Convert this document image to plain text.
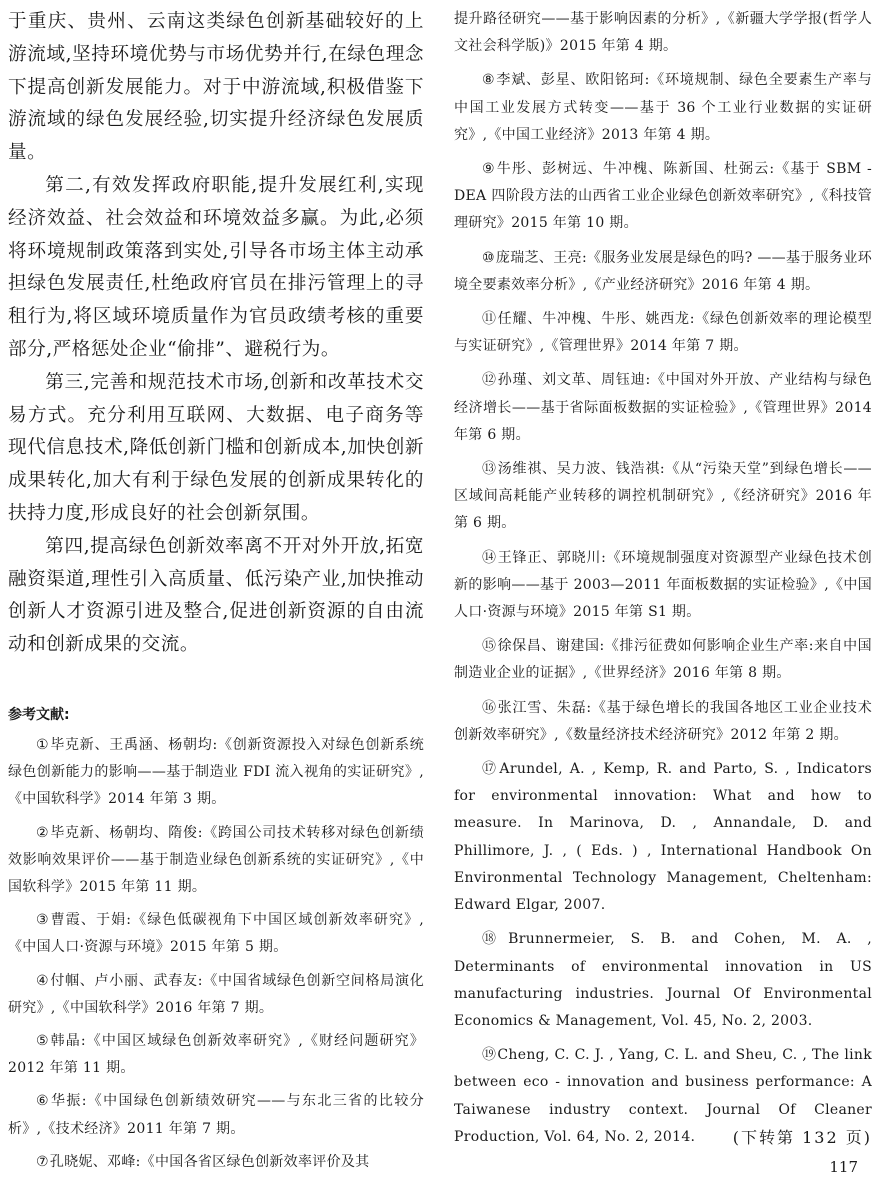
于重庆、贵州、云南这类绿色创新基础较好的上游流域,坚持环境优势与市场优势并行,在绿色理念下提高创新发展能力。对于中游流域,积极借鉴下游流域的绿色发展经验,切实提升经济绿色发展质量。

第二,有效发挥政府职能,提升发展红利,实现经济效益、社会效益和环境效益多赢。为此,必须将环境规制政策落到实处,引导各市场主体主动承担绿色发展责任,杜绝政府官员在排污管理上的寻租行为,将区域环境质量作为官员政绩考核的重要部分,严格惩处企业“偷排”、避税行为。

第三,完善和规范技术市场,创新和改革技术交易方式。充分利用互联网、大数据、电子商务等现代信息技术,降低创新门槛和创新成本,加快创新成果转化,加大有利于绿色发展的创新成果转化的扶持力度,形成良好的社会创新氛围。

第四,提高绿色创新效率离不开对外开放,拓宽融资渠道,理性引入高质量、低污染产业,加快推动创新人才资源引进及整合,促进创新资源的自由流动和创新成果的交流。

参考文献:

①毕克新、王禹涵、杨朝均:《创新资源投入对绿色创新系统绿色创新能力的影响——基于制造业 FDI 流入视角的实证研究》,《中国软科学》2014 年第 3 期。

②毕克新、杨朝均、隋俊:《跨国公司技术转移对绿色创新绩效影响效果评价——基于制造业绿色创新系统的实证研究》,《中国软科学》2015 年第 11 期。

③曹霞、于娟:《绿色低碳视角下中国区域创新效率研究》,《中国人口·资源与环境》2015 年第 5 期。

④付帼、卢小丽、武春友:《中国省域绿色创新空间格局演化研究》,《中国软科学》2016 年第 7 期。

⑤韩晶:《中国区域绿色创新效率研究》,《财经问题研究》2012 年第 11 期。

⑥华振:《中国绿色创新绩效研究——与东北三省的比较分析》,《技术经济》2011 年第 7 期。

⑦孔晓妮、邓峰:《中国各省区绿色创新效率评价及其

提升路径研究——基于影响因素的分析》,《新疆大学学报(哲学人文社会科学版)》2015 年第 4 期。

⑧李斌、彭星、欧阳铭珂:《环境规制、绿色全要素生产率与中国工业发展方式转变——基于 36 个工业行业数据的实证研究》,《中国工业经济》2013 年第 4 期。

⑨牛彤、彭树远、牛冲槐、陈新国、杜弼云:《基于 SBM - DEA 四阶段方法的山西省工业企业绿色创新效率研究》,《科技管理研究》2015 年第 10 期。

⑩庞瑞芝、王亮:《服务业发展是绿色的吗? ——基于服务业环境全要素效率分析》,《产业经济研究》2016 年第 4 期。

⑪任耀、牛冲槐、牛彤、姚西龙:《绿色创新效率的理论模型与实证研究》,《管理世界》2014 年第 7 期。

⑫孙瑾、刘文革、周钰迪:《中国对外开放、产业结构与绿色经济增长——基于省际面板数据的实证检验》,《管理世界》2014 年第 6 期。

⑬汤维祺、吴力波、钱浩祺:《从“污染天堂”到绿色增长——区域间高耗能产业转移的调控机制研究》,《经济研究》2016 年第 6 期。

⑭王锋正、郭晓川:《环境规制强度对资源型产业绿色技术创新的影响——基于 2003—2011 年面板数据的实证检验》,《中国人口·资源与环境》2015 年第 S1 期。

⑮徐保昌、谢建国:《排污征费如何影响企业生产率:来自中国制造业企业的证据》,《世界经济》2016 年第 8 期。

⑯张江雪、朱磊:《基于绿色增长的我国各地区工业企业技术创新效率研究》,《数量经济技术经济研究》2012 年第 2 期。

⑰Arundel, A. , Kemp, R. and Parto, S. , Indicators for environmental innovation: What and how to measure. In Marinova, D. , Annandale, D. and Phillimore, J. , ( Eds. ) , International Handbook On Environmental Technology Management, Cheltenham: Edward Elgar, 2007.

⑱Brunnermeier, S. B. and Cohen, M. A. , Determinants of environmental innovation in US manufacturing industries. Journal Of Environmental Economics & Management, Vol. 45, No. 2, 2003.

⑲Cheng, C. C. J. , Yang, C. L. and Sheu, C. , The link between eco - innovation and business performance: A Taiwanese industry context. Journal Of Cleaner Production, Vol. 64, No. 2, 2014.	(下转第 132 页)

117
